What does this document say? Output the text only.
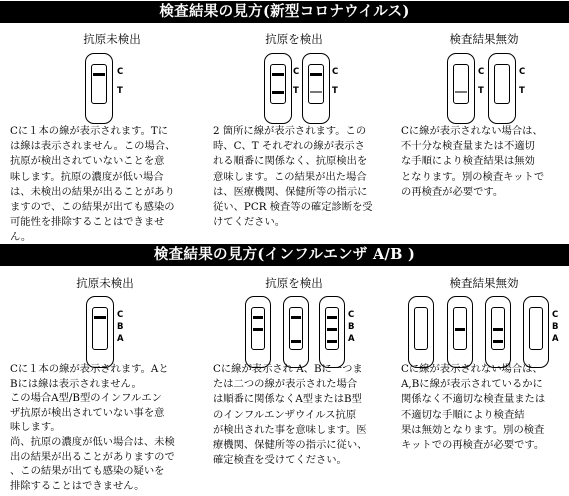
検査結果の見方(新型コロナウイルス)
抗原未検出	抗原を検出	検査結果無効
C
T
C
T
C
T
C
T
C
T
Cに１本の線が表示されます。Tに
は線は表示されません。この場合、
抗原が検出されていないことを意
味します。抗原の濃度が低い場合
は、未検出の結果が出ることがあり
ますので、この結果が出ても感染の
可能性を排除することはできませ
ん。
2 箇所に線が表示されます。この
時、C、T それぞれの線が表示さ
れる順番に関係なく、抗原検出を
意味します。この結果が出た場合
は、医療機関、保健所等の指示に
従い、PCR 検査等の確定診断を受
けてください。
Cに線が表示されない場合は、
不十分な検査量または不適切
な手順により検査結果は無効
となります。別の検査キットで
の再検査が必要です。
検査結果の見方(インフルエンザ A/B )
抗原未検出	抗原を検出	検査結果無効
C
B
A
C
B
A
C
B
A
Cに１本の線が表示されます。Aと
Bには線は表示されません。
この場合A型/B型のインフルエン
ザ抗原が検出されていない事を意
味します。
尚、抗原の濃度が低い場合は、未検
出の結果が出ることがありますので
、この結果が出ても感染の疑いを
排除することはできません。
Cに線が表示され A、Bに一つま
たは二つの線が表示された場合
は順番に関係なくA型またはB型
のインフルエンザウイルス抗原
が検出された事を意味します。医
療機関、保健所等の指示に従い、
確定検査を受けてください。
Cに線が表示されない場合は、
A,Bに線が表示されているかに
関係なく不適切な検査量または
不適切な手順により検査結
果は無効となります。別の検査
キットでの再検査が必要です。
